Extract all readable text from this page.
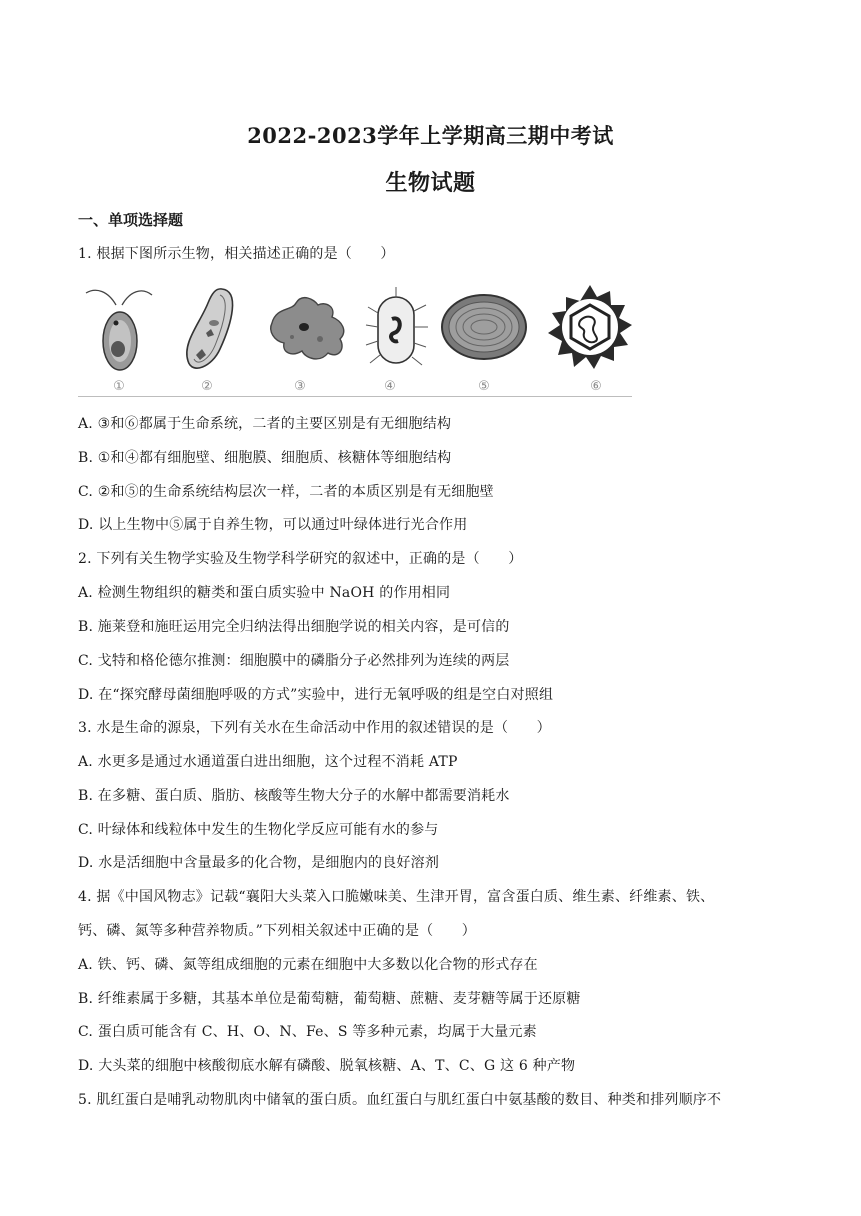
2022-2023学年上学期高三期中考试
生物试题
一、单项选择题
1. 根据下图所示生物，相关描述正确的是（　　）
①	②	③	④	⑤	⑥
A. ③和⑥都属于生命系统，二者的主要区别是有无细胞结构
B. ①和④都有细胞壁、细胞膜、细胞质、核糖体等细胞结构
C. ②和⑤的生命系统结构层次一样，二者的本质区别是有无细胞壁
D. 以上生物中⑤属于自养生物，可以通过叶绿体进行光合作用
2. 下列有关生物学实验及生物学科学研究的叙述中，正确的是（　　）
A. 检测生物组织的糖类和蛋白质实验中 NaOH 的作用相同
B. 施莱登和施旺运用完全归纳法得出细胞学说的相关内容，是可信的
C. 戈特和格伦德尔推测：细胞膜中的磷脂分子必然排列为连续的两层
D. 在“探究酵母菌细胞呼吸的方式”实验中，进行无氧呼吸的组是空白对照组
3. 水是生命的源泉，下列有关水在生命活动中作用的叙述错误的是（　　）
A. 水更多是通过水通道蛋白进出细胞，这个过程不消耗 ATP
B. 在多糖、蛋白质、脂肪、核酸等生物大分子的水解中都需要消耗水
C. 叶绿体和线粒体中发生的生物化学反应可能有水的参与
D. 水是活细胞中含量最多的化合物，是细胞内的良好溶剂
4. 据《中国风物志》记载“襄阳大头菜入口脆嫩味美、生津开胃，富含蛋白质、维生素、纤维素、铁、
钙、磷、氮等多种营养物质。”下列相关叙述中正确的是（　　）
A. 铁、钙、磷、氮等组成细胞的元素在细胞中大多数以化合物的形式存在
B. 纤维素属于多糖，其基本单位是葡萄糖，葡萄糖、蔗糖、麦芽糖等属于还原糖
C. 蛋白质可能含有 C、H、O、N、Fe、S 等多种元素，均属于大量元素
D. 大头菜的细胞中核酸彻底水解有磷酸、脱氧核糖、A、T、C、G 这 6 种产物
5. 肌红蛋白是哺乳动物肌肉中储氧的蛋白质。血红蛋白与肌红蛋白中氨基酸的数目、种类和排列顺序不
